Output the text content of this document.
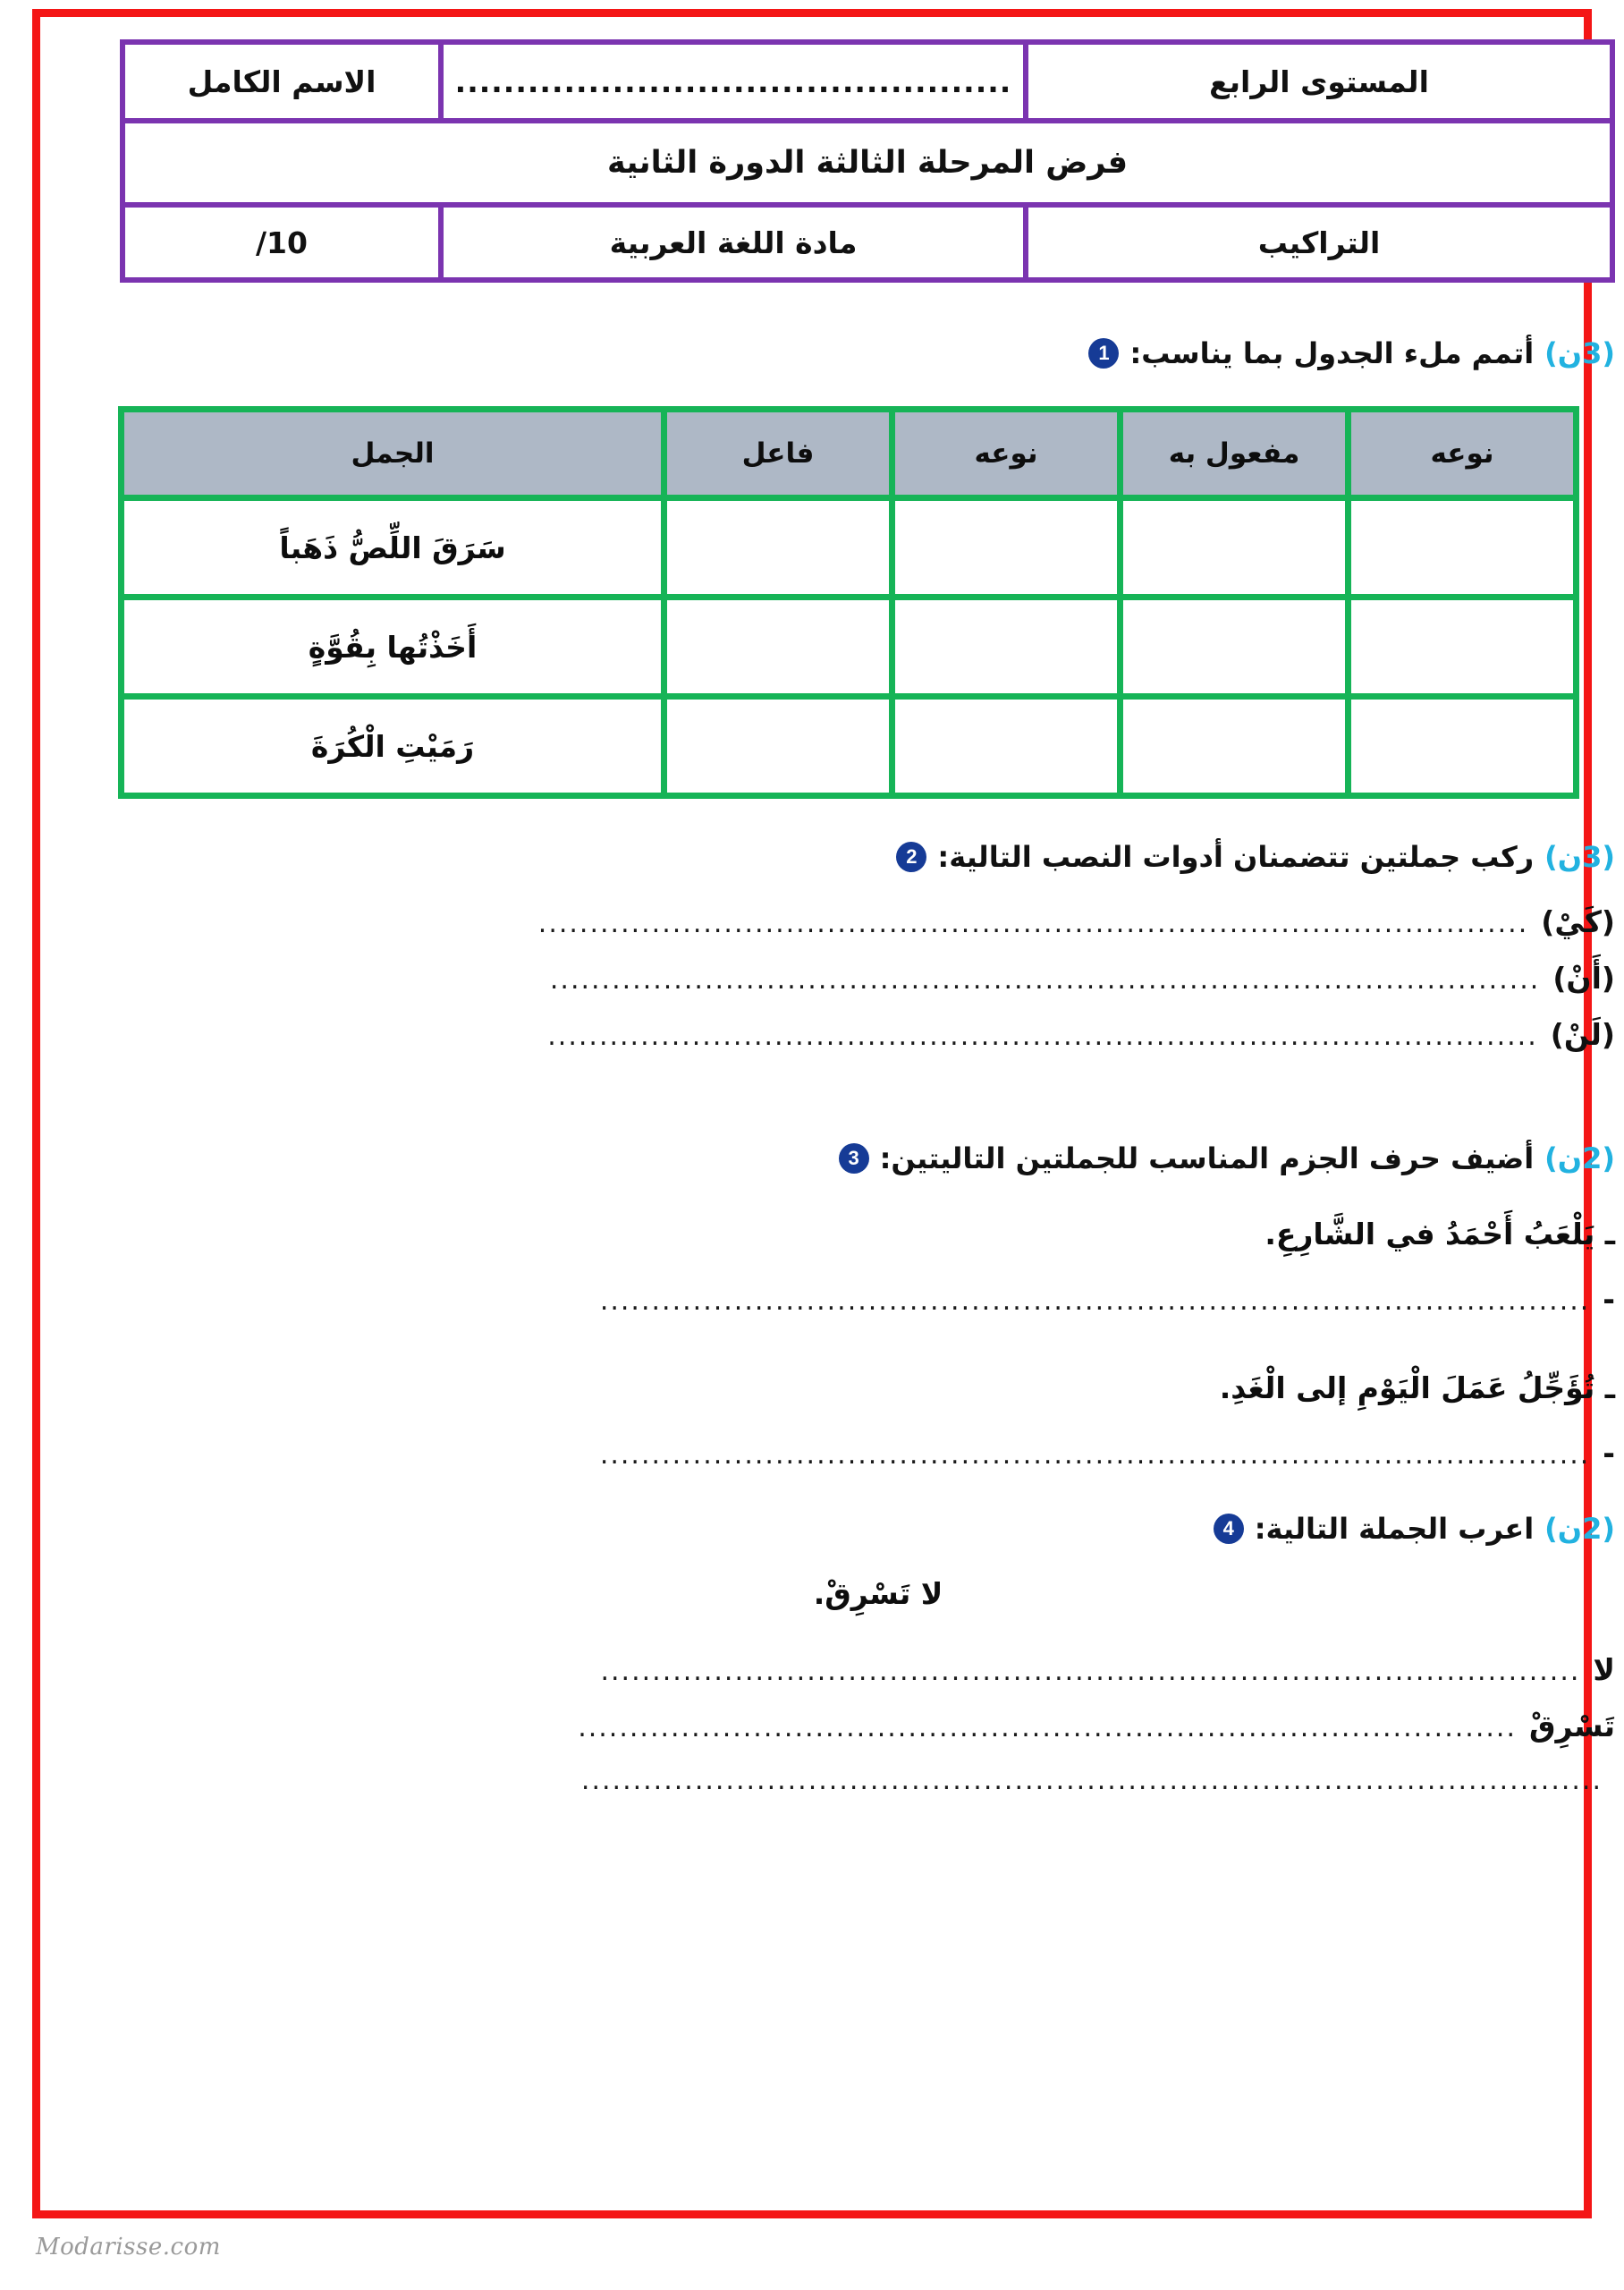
المستوى الرابع	..............................................	الاسم الكامل
فرض المرحلة الثالثة الدورة الثانية		
التراكيب	مادة اللغة العربية	/10
(3ن)
أتمم ملء الجدول بما يناسب:
1
نوعه	مفعول به	نوعه	فاعل	الجمل
				سَرَقَ اللِّصُّ ذَهَباً
				أَخَذْتُها بِقُوَّةٍ
				رَمَيْتِ الْكُرَةَ
(3ن)
ركب جملتين تتضمنان أدوات النصب التالية:
2
(كَيْ)
................................................................................................
(أَنْ)
................................................................................................
(لَنْ)
................................................................................................
(2ن)
أضيف حرف الجزم المناسب للجملتين التاليتين:
3
ـ يَلْعَبُ أَحْمَدُ في الشَّارِعِ.
-
................................................................................................
ـ تُؤَجِّلُ عَمَلَ الْيَوْمِ إلى الْغَدِ.
-
................................................................................................
(2ن)
اعرب الجملة التالية:
4
لا تَسْرِقْ.
لا
...............................................................................................
تَسْرِقْ
...........................................................................................
...................................................................................................
Modarisse.com
